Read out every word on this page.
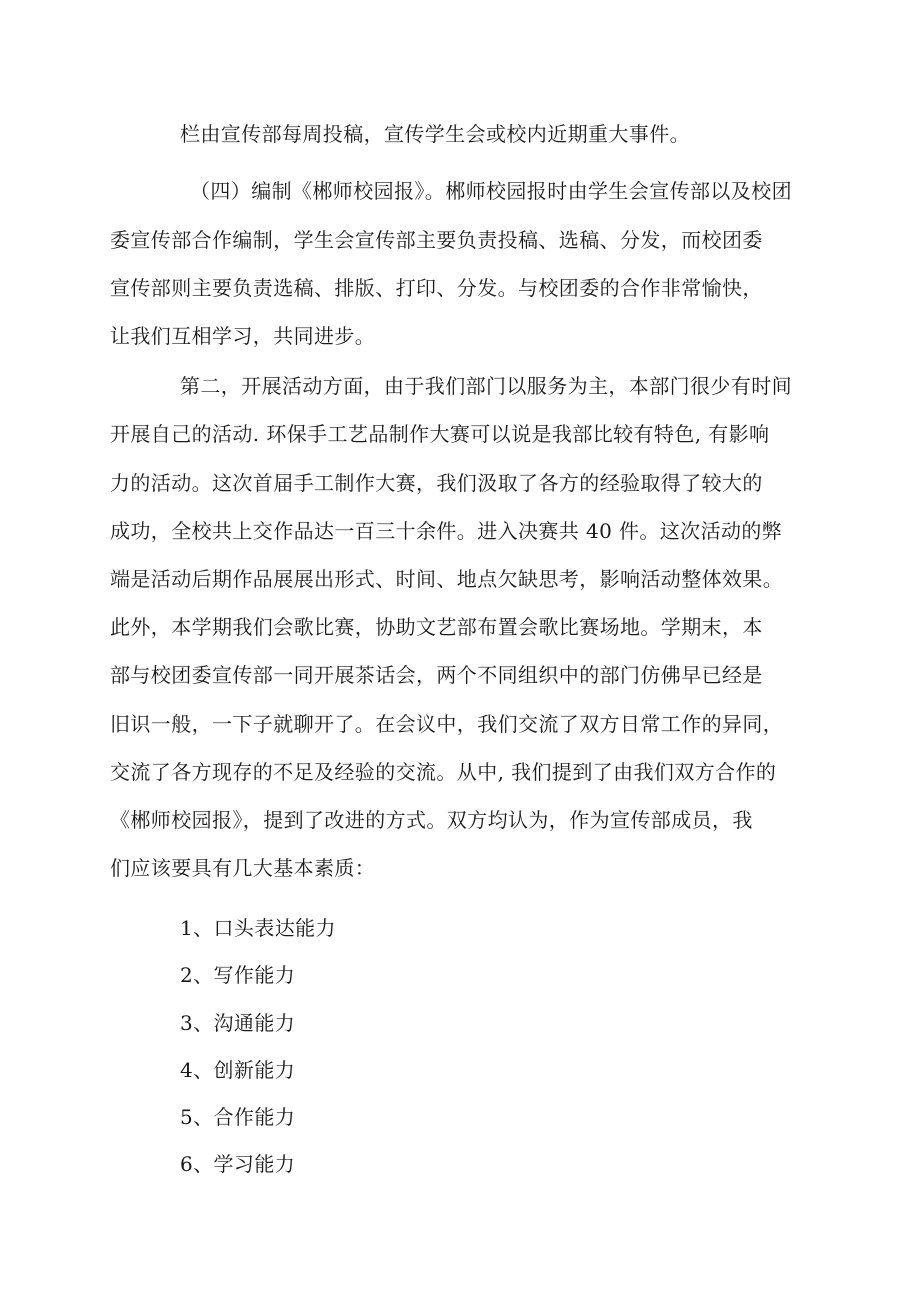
栏由宣传部每周投稿，宣传学生会或校内近期重大事件。
（四）编制《郴师校园报》。郴师校园报时由学生会宣传部以及校团
委宣传部合作编制，学生会宣传部主要负责投稿、选稿、分发，而校团委
宣传部则主要负责选稿、排版、打印、分发。与校团委的合作非常愉快，
让我们互相学习，共同进步。
第二，开展活动方面，由于我们部门以服务为主，本部门很少有时间
开展自己的活动. 环保手工艺品制作大赛可以说是我部比较有特色, 有影响
力的活动。这次首届手工制作大赛，我们汲取了各方的经验取得了较大的
成功，全校共上交作品达一百三十余件。进入决赛共 40 件。这次活动的弊
端是活动后期作品展展出形式、时间、地点欠缺思考，影响活动整体效果。
此外，本学期我们会歌比赛，协助文艺部布置会歌比赛场地。学期末，本
部与校团委宣传部一同开展茶话会，两个不同组织中的部门仿佛早已经是
旧识一般，一下子就聊开了。在会议中，我们交流了双方日常工作的异同，
交流了各方现存的不足及经验的交流。从中, 我们提到了由我们双方合作的
《郴师校园报》，提到了改进的方式。双方均认为，作为宣传部成员，我
们应该要具有几大基本素质：
1、口头表达能力
2、写作能力
3、沟通能力
4、创新能力
5、合作能力
6、学习能力
